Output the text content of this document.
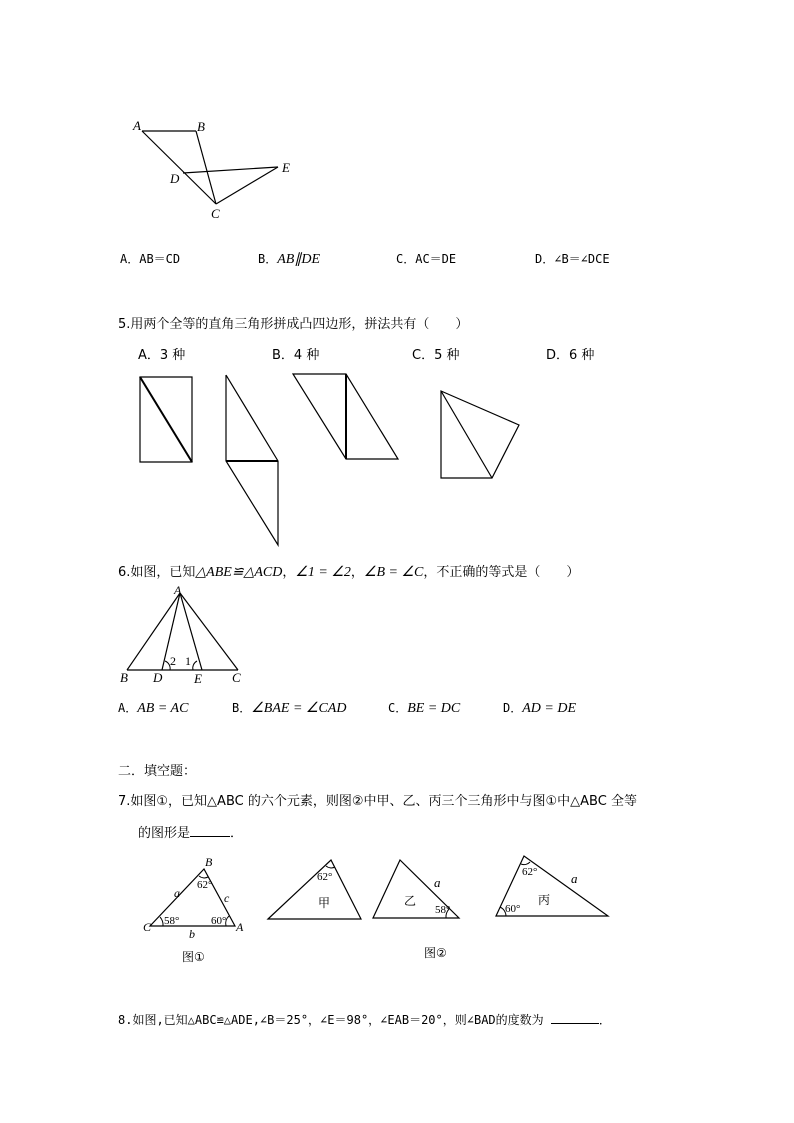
A	B
D
E
C
A．AB＝CD	B．AB∥DE	C．AC＝DE	D．∠B＝∠DCE
5.用两个全等的直角三角形拼成凸四边形，拼法共有（　　）
A．3 种	B．4 种	C．5 种	D．6 种
6.如图，已知△ABE≌△ACD，∠1 = ∠2，∠B = ∠C，不正确的等式是（　　）
A
B D E C
2 1
A．AB = AC	B．∠BAE = ∠CAD	C．BE = DC	D．AD = DE
二．填空题：
7.如图①，已知△ABC 的六个元素，则图②中甲、乙、丙三个三角形中与图①中△ABC 全等
的图形是	．
B
62°
a	c
C 58°	60° A
b
图①
62°
甲	乙
a
58°
62°	a
60°
丙
图②
8.如图,已知△ABC≌△ADE,∠B＝25°，∠E＝98°，∠EAB＝20°，则∠BAD的度数为	．
